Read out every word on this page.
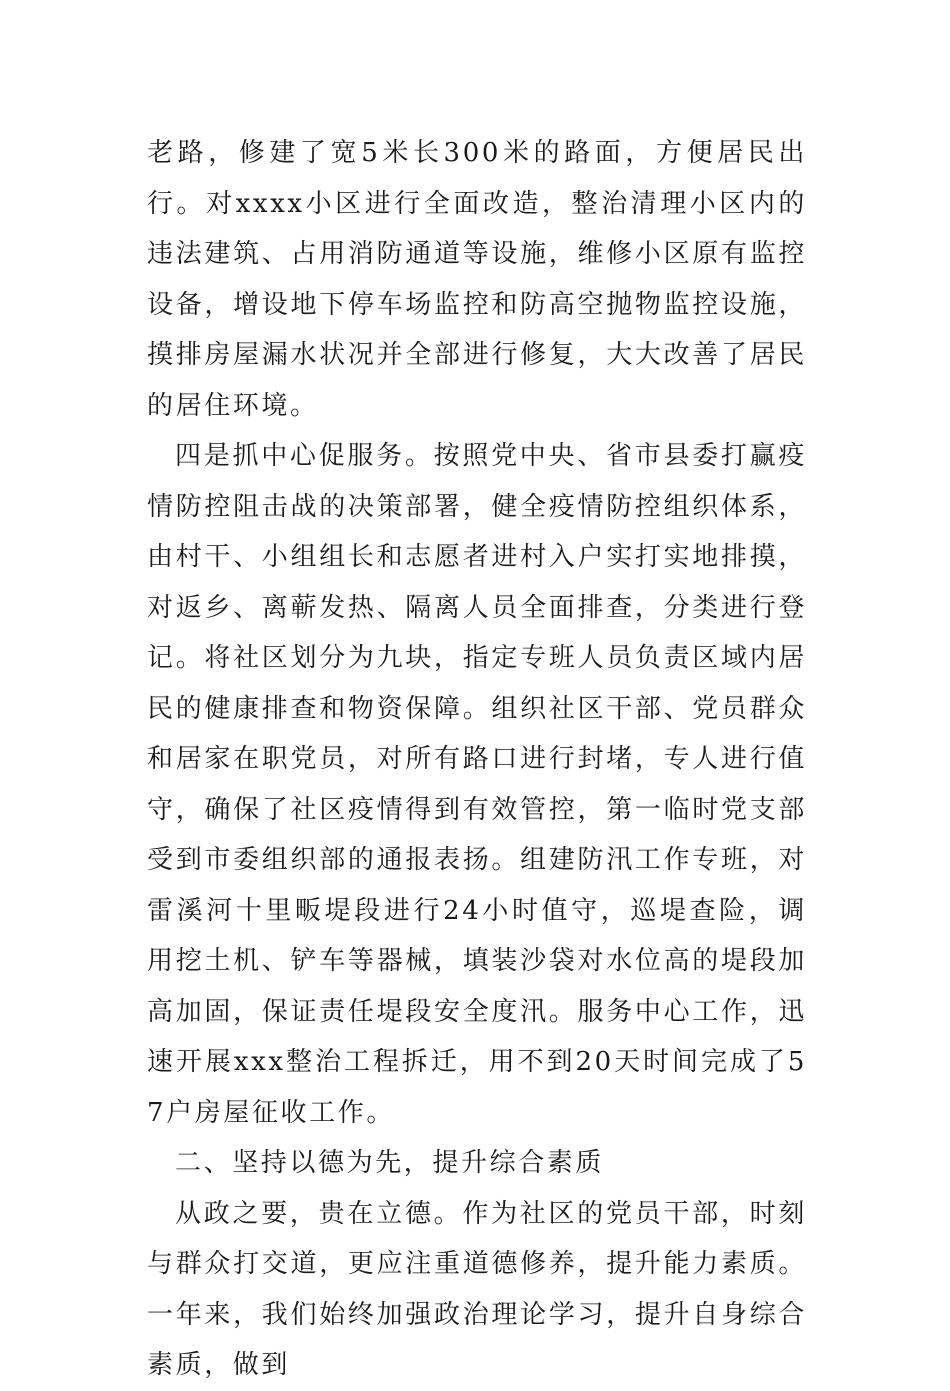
老路，修建了宽5米长300米的路面，方便居民出行。对xxxx小区进行全面改造，整治清理小区内的违法建筑、占用消防通道等设施，维修小区原有监控设备，增设地下停车场监控和防高空抛物监控设施，摸排房屋漏水状况并全部进行修复，大大改善了居民的居住环境。

四是抓中心促服务。按照党中央、省市县委打赢疫情防控阻击战的决策部署，健全疫情防控组织体系，由村干、小组组长和志愿者进村入户实打实地排摸，对返乡、离蕲发热、隔离人员全面排查，分类进行登记。将社区划分为九块，指定专班人员负责区域内居民的健康排查和物资保障。组织社区干部、党员群众和居家在职党员，对所有路口进行封堵，专人进行值守，确保了社区疫情得到有效管控，第一临时党支部受到市委组织部的通报表扬。组建防汛工作专班，对雷溪河十里畈堤段进行24小时值守，巡堤查险，调用挖土机、铲车等器械，填装沙袋对水位高的堤段加高加固，保证责任堤段安全度汛。服务中心工作，迅速开展xxx整治工程拆迁，用不到20天时间完成了57户房屋征收工作。

二、坚持以德为先，提升综合素质

从政之要，贵在立德。作为社区的党员干部，时刻与群众打交道，更应注重道德修养，提升能力素质。一年来，我们始终加强政治理论学习，提升自身综合素质，做到
